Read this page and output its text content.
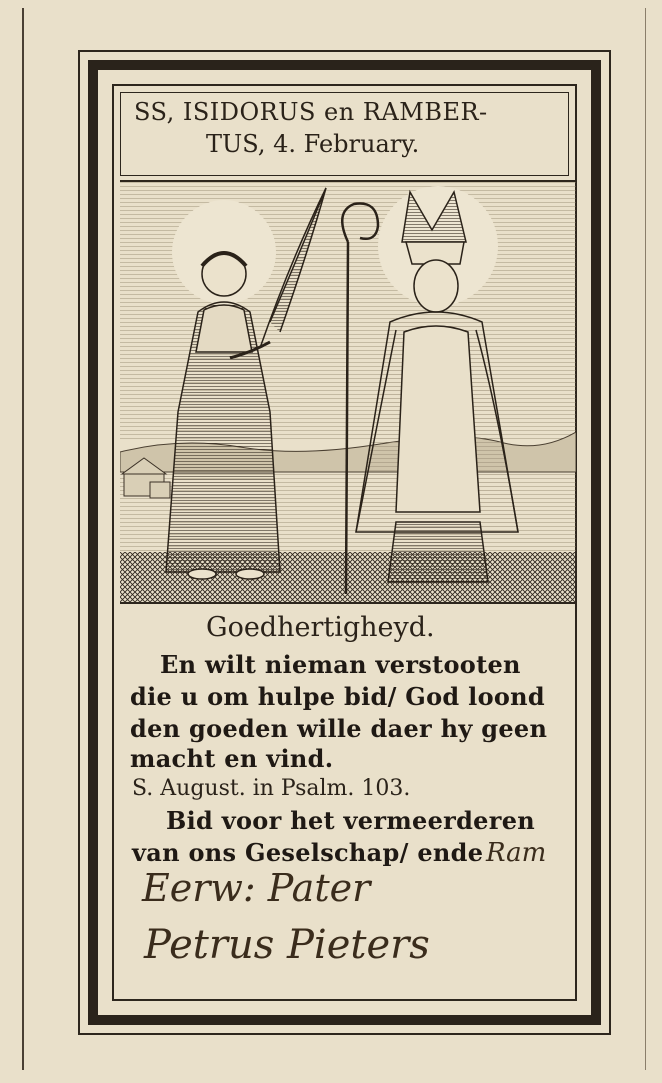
SS, ISIDORUS en RAMBER-
TUS, 4. February.
Goedhertigheyd.
En wilt nieman verstooten
die u om hulpe bid/ God loond
den goeden wille daer hy geen
macht en vind.
S. August. in Psalm. 103.
Bid voor het vermeerderen
van ons Geselschap/ ende Ram
Eerw: Pater
Petrus Pieters
